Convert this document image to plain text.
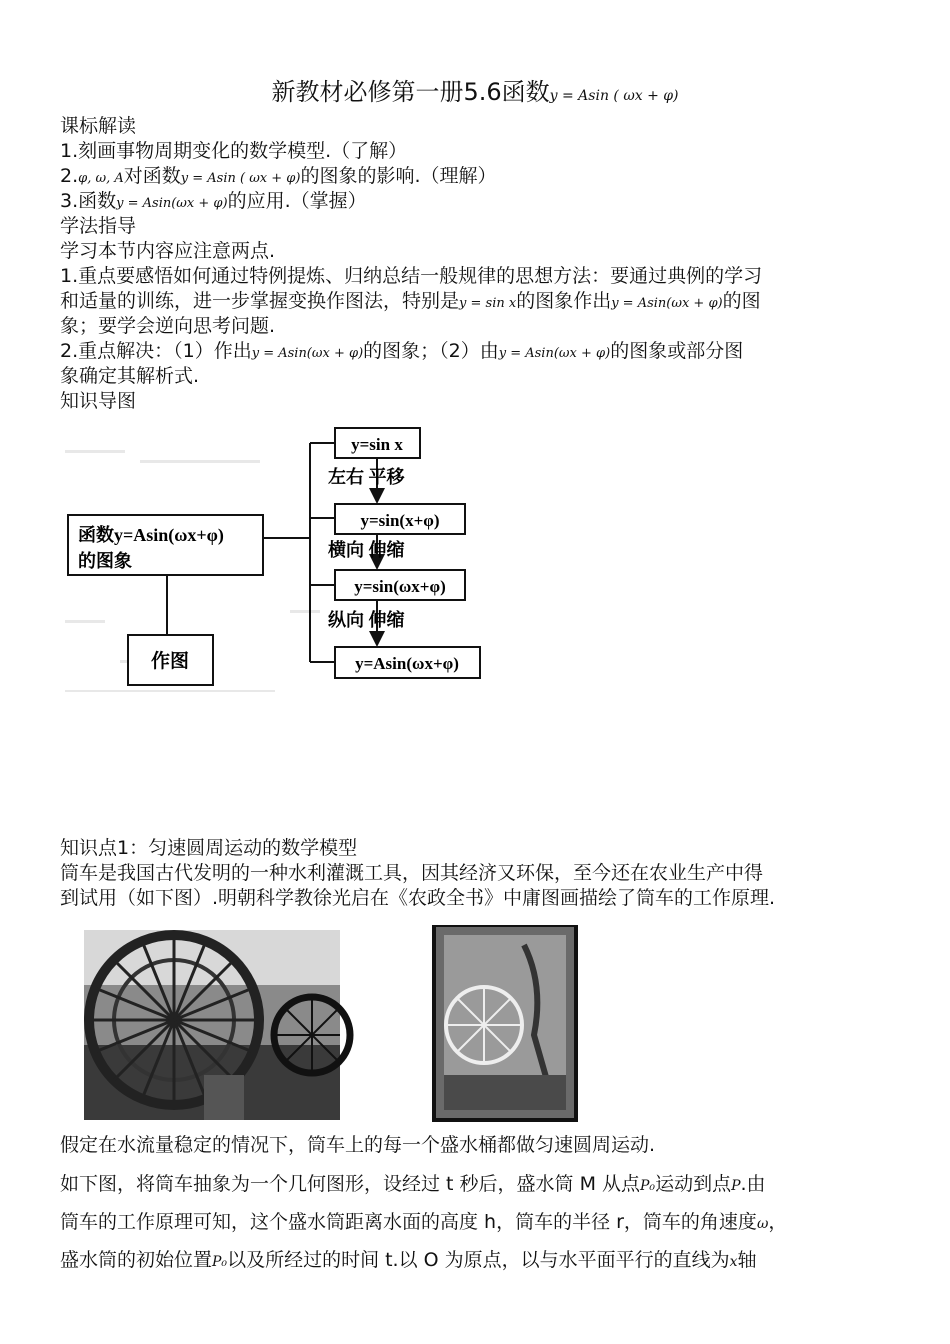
新教材必修第一册5.6函数y = Asin ( ωx + φ)
课标解读
1.刻画事物周期变化的数学模型.（了解）
2.φ, ω, A对函数y = Asin ( ωx + φ)的图象的影响.（理解）
3.函数y = Asin(ωx + φ)的应用.（掌握）
学法指导
学习本节内容应注意两点.
1.重点要感悟如何通过特例提炼、归纳总结一般规律的思想方法：要通过典例的学习
和适量的训练，进一步掌握变换作图法，特别是y = sin x的图象作出y = Asin(ωx + φ)的图
象；要学会逆向思考问题.
2.重点解决：（1）作出y = Asin(ωx + φ)的图象；（2）由y = Asin(ωx + φ)的图象或部分图
象确定其解析式.
知识导图
函数y=Asin(ωx+φ)
的图象
作图
y=sin x
左右 平移
y=sin(x+φ)
横向 伸缩
y=sin(ωx+φ)
纵向 伸缩
y=Asin(ωx+φ)
知识点1：匀速圆周运动的数学模型
筒车是我国古代发明的一种水利灌溉工具，因其经济又环保，至今还在农业生产中得
到试用（如下图）.明朝科学教徐光启在《农政全书》中庸图画描绘了筒车的工作原理.
假定在水流量稳定的情况下，筒车上的每一个盛水桶都做匀速圆周运动.
如下图，将筒车抽象为一个几何图形，设经过 t 秒后，盛水筒 M 从点P₀运动到点P.由
筒车的工作原理可知，这个盛水筒距离水面的高度 h，筒车的半径 r，筒车的角速度ω，
盛水筒的初始位置P₀以及所经过的时间 t.以 O 为原点，以与水平面平行的直线为x轴
